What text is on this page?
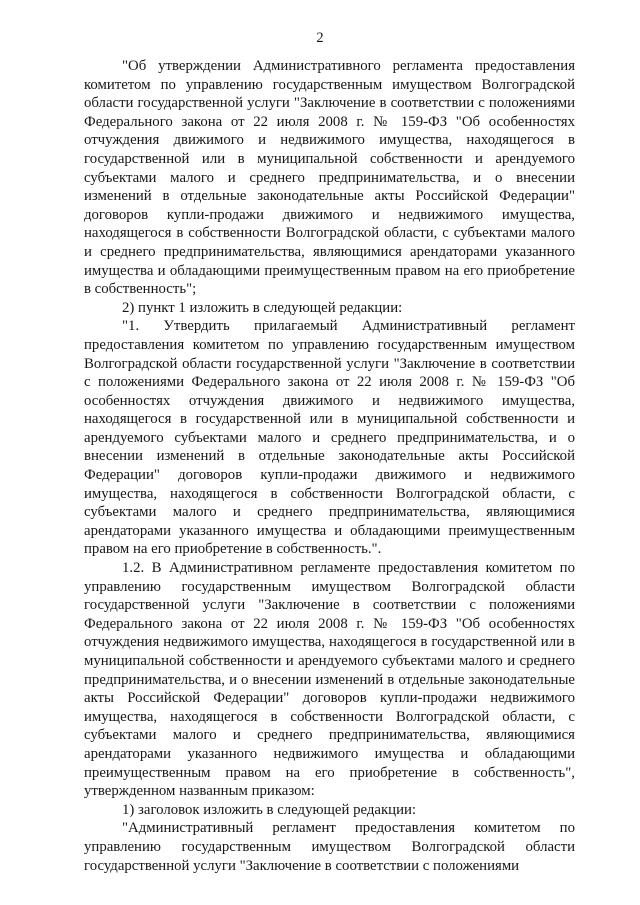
2

"Об утверждении Административного регламента предоставления комитетом по управлению государственным имуществом Волгоградской области государственной услуги "Заключение в соответствии с положениями Федерального закона от 22 июля 2008 г. № 159-ФЗ "Об особенностях отчуждения движимого и недвижимого имущества, находящегося в государственной или в муниципальной собственности и арендуемого субъектами малого и среднего предпринимательства, и о внесении изменений в отдельные законодательные акты Российской Федерации" договоров купли-продажи движимого и недвижимого имущества, находящегося в собственности Волгоградской области, с субъектами малого и среднего предпринимательства, являющимися арендаторами указанного имущества и обладающими преимущественным правом на его приобретение в собственность";

2) пункт 1 изложить в следующей редакции:

"1. Утвердить прилагаемый Административный регламент предоставления комитетом по управлению государственным имуществом Волгоградской области государственной услуги "Заключение в соответствии с положениями Федерального закона от 22 июля 2008 г. № 159-ФЗ "Об особенностях отчуждения движимого и недвижимого имущества, находящегося в государственной или в муниципальной собственности и арендуемого субъектами малого и среднего предпринимательства, и о внесении изменений в отдельные законодательные акты Российской Федерации" договоров купли-продажи движимого и недвижимого имущества, находящегося в собственности Волгоградской области, с субъектами малого и среднего предпринимательства, являющимися арендаторами указанного имущества и обладающими преимущественным правом на его приобретение в собственность.".

1.2. В Административном регламенте предоставления комитетом по управлению государственным имуществом Волгоградской области государственной услуги "Заключение в соответствии с положениями Федерального закона от 22 июля 2008 г. № 159-ФЗ "Об особенностях отчуждения недвижимого имущества, находящегося в государственной или в муниципальной собственности и арендуемого субъектами малого и среднего предпринимательства, и о внесении изменений в отдельные законодательные акты Российской Федерации" договоров купли-продажи недвижимого имущества, находящегося в собственности Волгоградской области, с субъектами малого и среднего предпринимательства, являющимися арендаторами указанного недвижимого имущества и обладающими преимущественным правом на его приобретение в собственность", утвержденном названным приказом:

1) заголовок изложить в следующей редакции:

"Административный регламент предоставления комитетом по управлению государственным имуществом Волгоградской области государственной услуги "Заключение в соответствии с положениями
